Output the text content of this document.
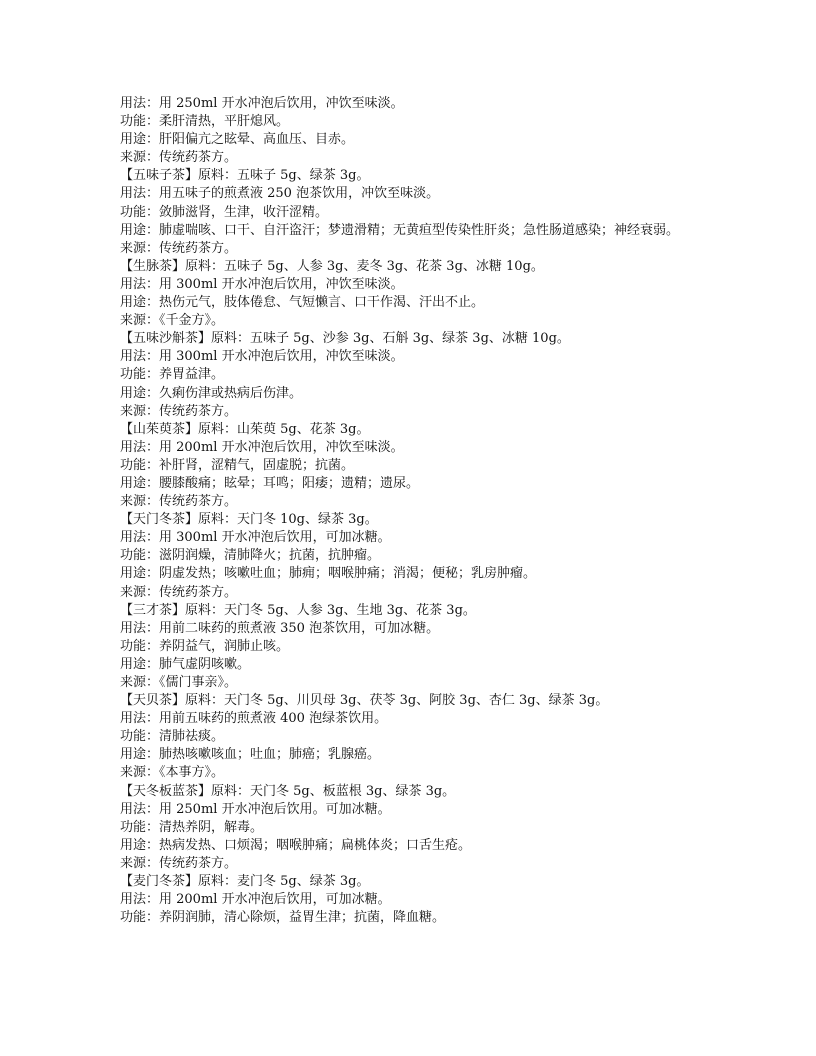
用法：用 250ml 开水冲泡后饮用，冲饮至味淡。

功能：柔肝清热，平肝熄风。

用途：肝阳偏亢之眩晕、高血压、目赤。

来源：传统药茶方。

【五味子茶】原料：五味子 5g、绿茶 3g。

用法：用五味子的煎煮液 250 泡茶饮用，冲饮至味淡。

功能：敛肺滋肾，生津，收汗涩精。

用途：肺虚喘咳、口干、自汗盗汗；梦遗滑精；无黄疸型传染性肝炎；急性肠道感染；神经衰弱。

来源：传统药茶方。

【生脉茶】原料：五味子 5g、人参 3g、麦冬 3g、花茶 3g、冰糖 10g。

用法：用 300ml 开水冲泡后饮用，冲饮至味淡。

用途：热伤元气，肢体倦怠、气短懒言、口干作渴、汗出不止。

来源：《千金方》。

【五味沙斛茶】原料：五味子 5g、沙参 3g、石斛 3g、绿茶 3g、冰糖 10g。

用法：用 300ml 开水冲泡后饮用，冲饮至味淡。

功能：养胃益津。

用途：久痢伤津或热病后伤津。

来源：传统药茶方。

【山茱萸茶】原料：山茱萸 5g、花茶 3g。

用法：用 200ml 开水冲泡后饮用，冲饮至味淡。

功能：补肝肾，涩精气，固虚脱；抗菌。

用途：腰膝酸痛；眩晕；耳鸣；阳痿；遗精；遗尿。

来源：传统药茶方。

【天门冬茶】原料：天门冬 10g、绿茶 3g。

用法：用 300ml 开水冲泡后饮用，可加冰糖。

功能：滋阴润燥，清肺降火；抗菌，抗肿瘤。

用途：阴虚发热；咳嗽吐血；肺痈；咽喉肿痛；消渴；便秘；乳房肿瘤。

来源：传统药茶方。

【三才茶】原料：天门冬 5g、人参 3g、生地 3g、花茶 3g。

用法：用前二味药的煎煮液 350 泡茶饮用，可加冰糖。

功能：养阴益气，润肺止咳。

用途：肺气虚阴咳嗽。

来源：《儒门事亲》。

【天贝茶】原料：天门冬 5g、川贝母 3g、茯苓 3g、阿胶 3g、杏仁 3g、绿茶 3g。

用法：用前五味药的煎煮液 400 泡绿茶饮用。

功能：清肺祛痰。

用途：肺热咳嗽咳血；吐血；肺癌；乳腺癌。

来源：《本事方》。

【天冬板蓝茶】原料：天门冬 5g、板蓝根 3g、绿茶 3g。

用法：用 250ml 开水冲泡后饮用。可加冰糖。

功能：清热养阴，解毒。

用途：热病发热、口烦渴；咽喉肿痛；扁桃体炎；口舌生疮。

来源：传统药茶方。

【麦门冬茶】原料：麦门冬 5g、绿茶 3g。

用法：用 200ml 开水冲泡后饮用，可加冰糖。

功能：养阴润肺，清心除烦，益胃生津；抗菌，降血糖。
